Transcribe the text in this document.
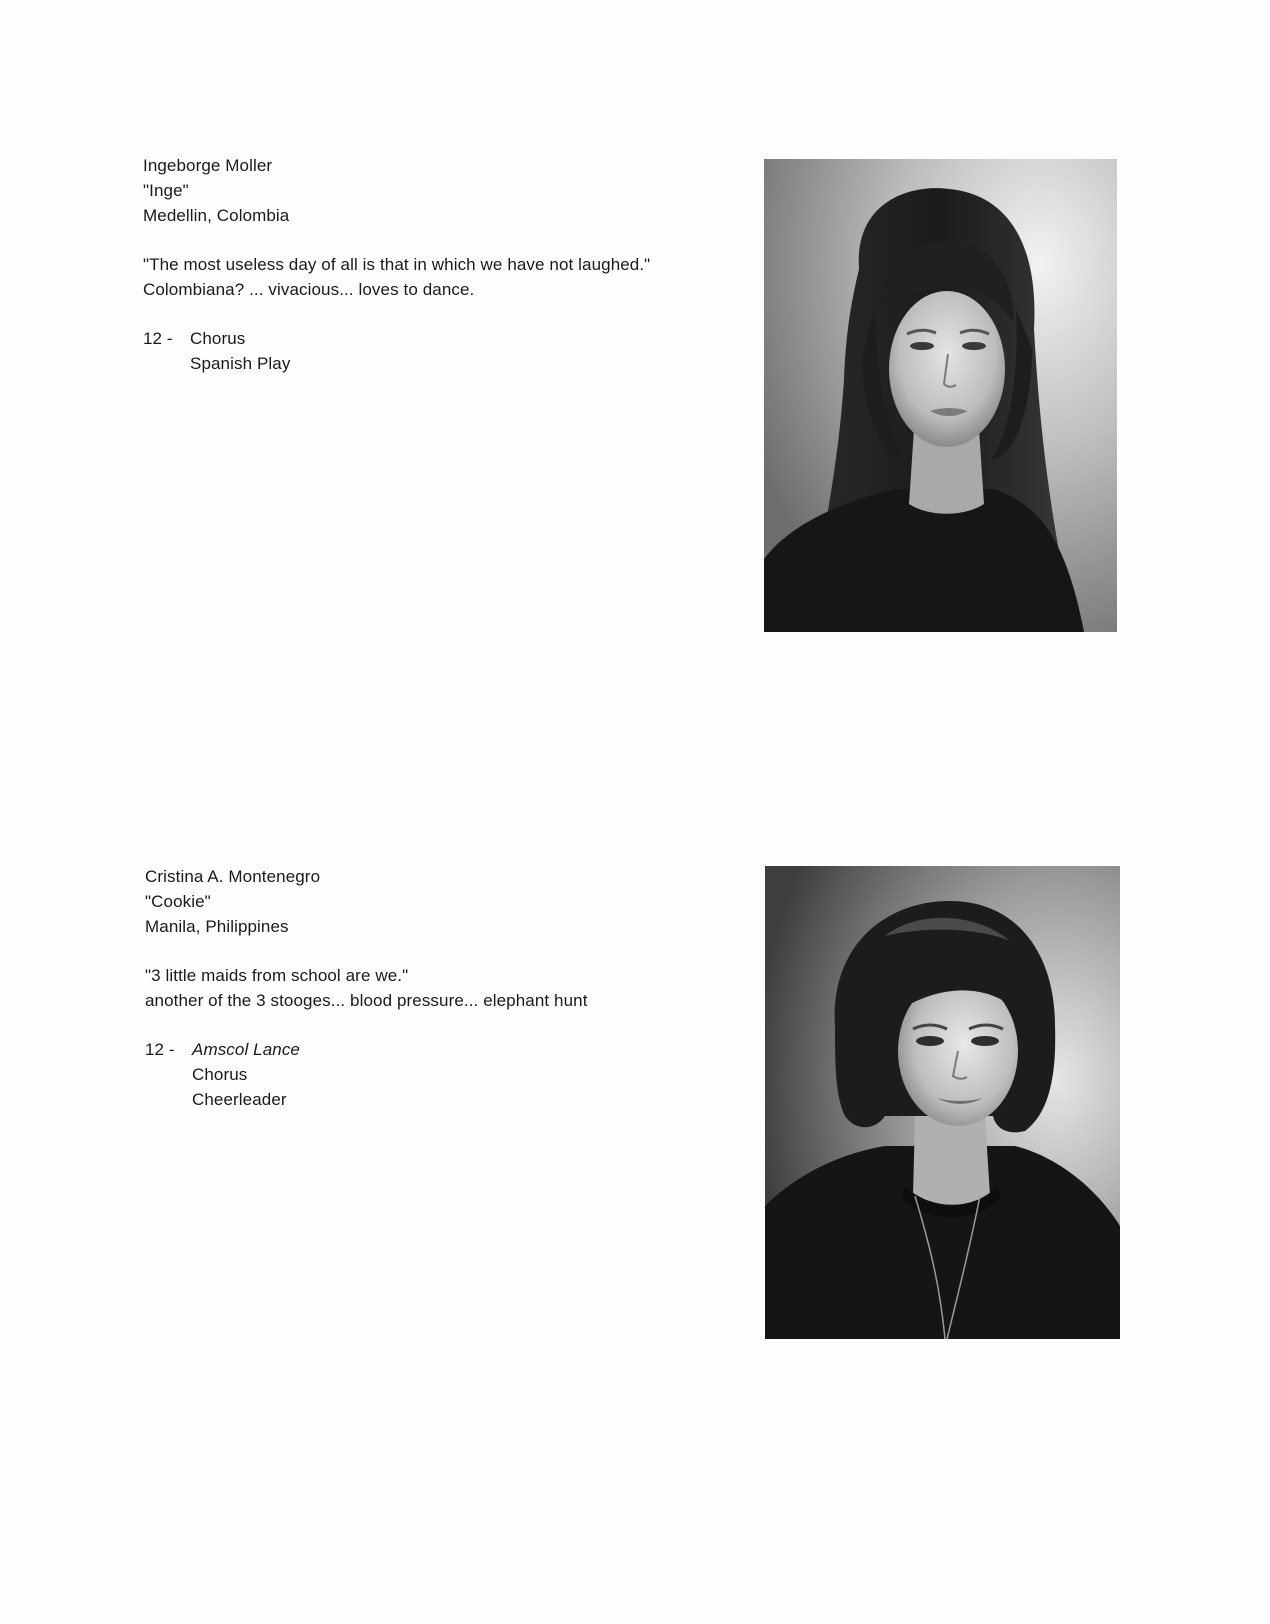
Ingeborge Moller
"Inge"
Medellin, Colombia
"The most useless day of all is that in which we have not laughed."
Colombiana? ... vivacious... loves to dance.
12 -	Chorus
Spanish Play
Cristina A. Montenegro
"Cookie"
Manila, Philippines
"3 little maids from school are we."
another of the 3 stooges... blood pressure... elephant hunt
12 -	Amscol Lance
Chorus
Cheerleader
